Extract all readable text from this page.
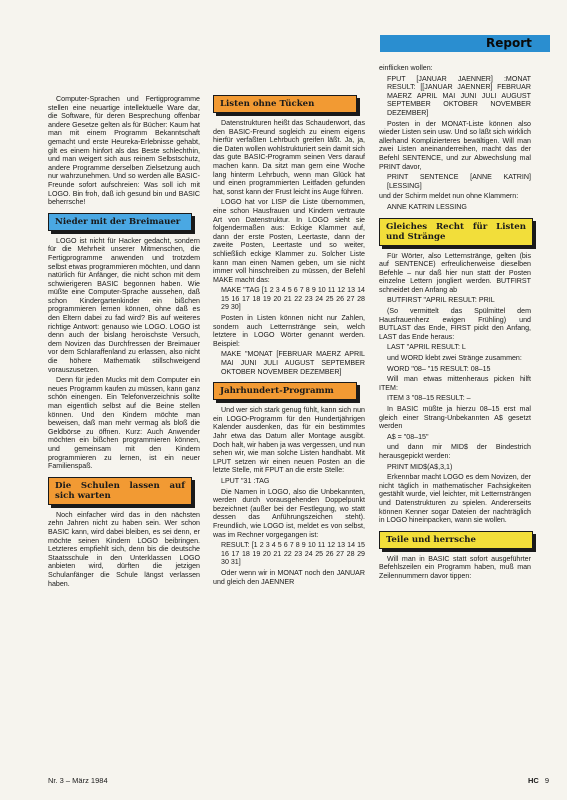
Report

Computer-Sprachen und Fertigprogramme stellen eine neuartige intellektuelle Ware dar, die Software, für deren Besprechung offenbar andere Gesetze gelten als für Bücher: Kaum hat man mit einem Programm Bekanntschaft gemacht und erste Heureka-Erlebnisse gehabt, gilt es einem hinfort als das Beste schlechthin, und man weigert sich aus reinem Selbstschutz, andere Programme derselben Zielsetzung auch nur wahrzunehmen. Und so werden alle BASIC-Freunde sofort aufschreien: Was soll ich mit LOGO. Bin froh, daß ich gesund bin und BASIC beherrsche!

Nieder mit der Breimauer

LOGO ist nicht für Hacker gedacht, sondern für die Mehrheit unserer Mitmenschen, die Fertigprogramme anwenden und trotzdem selbst etwas programmieren möchten, und dann natürlich für Anfänger, die nicht schon mit dem schwierigeren BASIC begonnen haben. Wie müßte eine Computer-Sprache aussehen, daß schon Kindergartenkinder ein bißchen programmieren lernen können, ohne daß es den Eltern dabei zu fad wird? Bis auf weiteres richtige Antwort: genauso wie LOGO. LOGO ist denn auch der bislang heroischste Versuch, dem Novizen das Durchfressen der Breimauer vor dem Schlaraffenland zu erlassen, also nicht die höhere Mathematik stillschweigend vorauszusetzen.

Denn für jeden Mucks mit dem Computer ein neues Programm kaufen zu müssen, kann ganz schön einengen. Ein Telefonverzeichnis sollte man eigentlich selbst auf die Beine stellen können. Und den Kindern möchte man beweisen, daß man mehr vermag als bloß die Geldbörse zu öffnen. Kurz: Auch Anwender möchten ein bißchen programmieren können, und gemeinsam mit den Kindern programmieren zu lernen, ist ein neuer Familienspaß.

Die Schulen lassen auf sich warten

Noch einfacher wird das in den nächsten zehn Jahren nicht zu haben sein. Wer schon BASIC kann, wird dabei bleiben, es sei denn, er möchte seinen Kindern LOGO beibringen. Letzteres empfiehlt sich, denn bis die deutsche Staatsschule in den Unterklassen LOGO anbieten wird, dürften die jetzigen Schulanfänger die Schule längst verlassen haben.

Listen ohne Tücken

Datenstrukturen heißt das Schauderwort, das den BASIC-Freund sogleich zu einem eigens hierfür verfaßten Lehrbuch greifen läßt. Ja, ja, die Daten wollen wohlstrukturiert sein damit sich das gute BASIC-Programm seinen Vers darauf machen kann. Da sitzt man gern eine Woche lang hinterm Lehrbuch, wenn man Glück hat und einen programmierten Leitfaden gefunden hat, sonst kann der Frust leicht ins Auge führen.

LOGO hat vor LISP die Liste übernommen, eine schon Hausfrauen und Kindern vertraute Art von Datenstruktur. In LOGO sieht sie folgendermaßen aus: Eckige Klammer auf, dann der erste Posten, Leertaste, dann der zweite Posten, Leertaste und so weiter, schließlich eckige Klammer zu. Solcher Liste kann man einen Namen geben, um sie nicht immer voll hinschreiben zu müssen, der Befehl MAKE macht das:

MAKE "TAG [1 2 3 4 5 6 7 8 9 10 11 12 13 14 15 16 17 18 19 20 21 22 23 24 25 26 27 28 29 30]

Posten in Listen können nicht nur Zahlen, sondern auch Letternstränge sein, welch letztere in LOGO Wörter genannt werden. Beispiel:

MAKE "MONAT [FEBRUAR MAERZ APRIL MAI JUNI JULI AUGUST SEPTEMBER OKTOBER NOVEMBER DEZEMBER]

Jahrhundert-Programm

Und wer sich stark genug fühlt, kann sich nun ein LOGO-Programm für den Hundertjährigen Kalender ausdenken, das für ein bestimmtes Jahr etwa das Datum aller Montage ausgibt. Doch halt, wir haben ja was vergessen, und nun sehen wir, wie man solche Listen handhabt. Mit LPUT setzen wir einen neuen Posten an die letzte Stelle, mit FPUT an die erste Stelle:

LPUT "31 :TAG

Die Namen in LOGO, also die Unbekannten, werden durch vorausgehenden Doppelpunkt bezeichnet (außer bei der Festlegung, wo statt dessen das Anführungszeichen steht). Freundlich, wie LOGO ist, meldet es von selbst, was im Rechner vorgegangen ist:

RESULT: [1 2 3 4 5 6 7 8 9 10 11 12 13 14 15 16 17 18 19 20 21 22 23 24 25 26 27 28 29 30 31]

Oder wenn wir in MONAT noch den JANUAR und gleich den JAENNER

einflicken wollen:

FPUT [JANUAR JAENNER] :MONAT RESULT: [[JANUAR JAENNER] FEBRUAR MAERZ APRIL MAI JUNI JULI AUGUST SEPTEMBER OKTOBER NOVEMBER DEZEMBER]

Posten in der MONAT-Liste können also wieder Listen sein usw. Und so läßt sich wirklich allerhand Komplizierteres bewältigen. Will man zwei Listen aneinanderreihen, macht das der Befehl SENTENCE, und zur Abwechslung mal PRINT davor,

PRINT SENTENCE [ANNE KATRIN] [LESSING]

und der Schirm meldet nun ohne Klammern:

ANNE KATRIN LESSING

Gleiches Recht für Listen und Stränge

Für Wörter, also Letternstränge, gelten (bis auf SENTENCE) erfreulicherweise dieselben Befehle – nur daß hier nun statt der Posten einzelne Lettern jongliert werden. BUTFIRST schneidet den Anfang ab

BUTFIRST "APRIL RESULT: PRIL

(So vermittelt das Spülmittel dem Hausfrauenherz ewigen Frühling) und BUTLAST das Ende, FIRST pickt den Anfang, LAST das Ende heraus:

LAST "APRIL RESULT: L

und WORD klebt zwei Stränge zusammen:

WORD "08– "15 RESULT: 08–15

Will man etwas mittenheraus picken hilft ITEM:

ITEM 3 "08–15 RESULT: –

In BASIC müßte ja hierzu 08–15 erst mal gleich einer Strang-Unbekannten A$ gesetzt werden

A$ = "08–15"

und dann mir MID$ der Bindestrich herausgepickt werden:

PRINT MID$(A$,3,1)

Erkennbar macht LOGO es dem Novizen, der nicht täglich in mathematischer Fachsigkeiten gestählt wurde, viel leichter, mit Letternsträngen und Datenstrukturen zu spielen. Andererseits können Kenner sogar Dateien der nachträglich in LOGO hineinpacken, wann sie wollen.

Teile und herrsche

Will man in BASIC statt sofort ausgeführter Befehlszeilen ein Programm haben, muß man Zeilennummern davor tippen:

Nr. 3 – März 1984	HC 9
